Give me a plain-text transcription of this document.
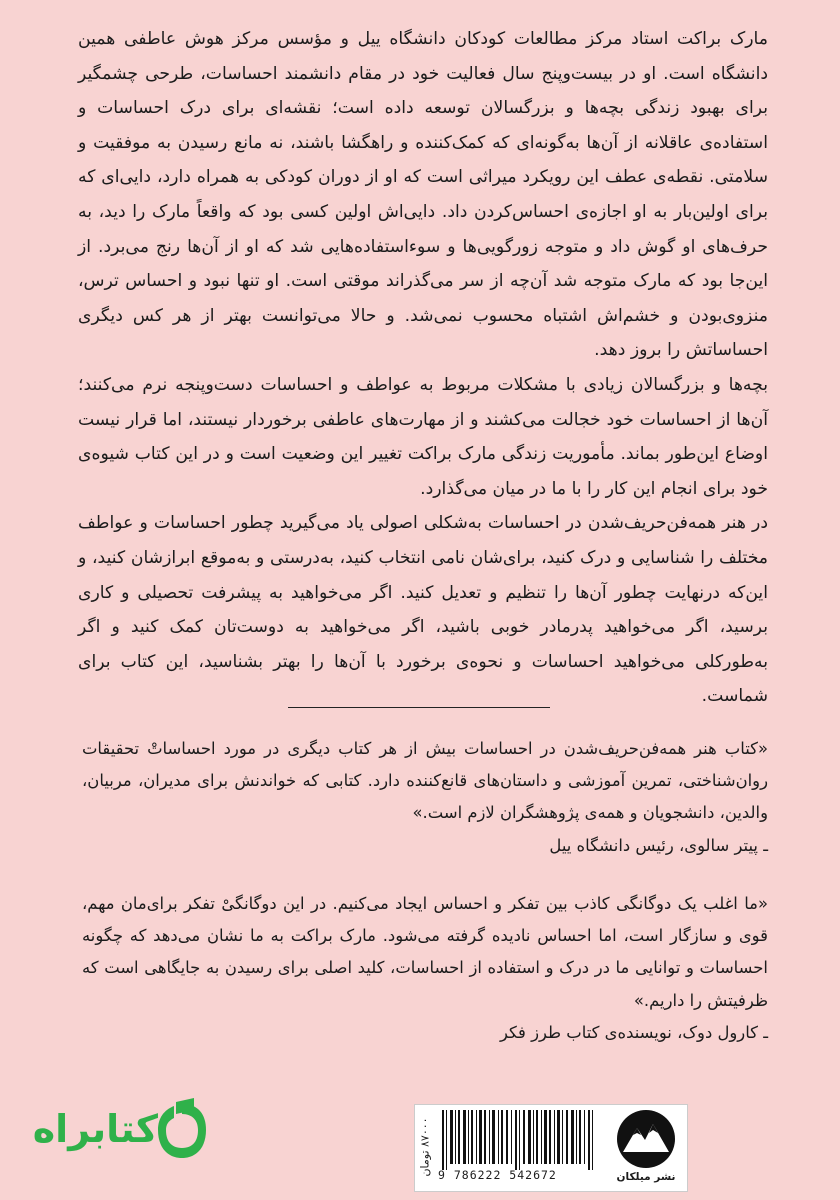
مارک براکت استاد مرکز مطالعات کودکان دانشگاه ییل و مؤسس مرکز هوش عاطفی همین دانشگاه است. او در بیست‌وپنج سال فعالیت خود در مقام دانشمند احساسات، طرحی چشمگیر برای بهبود زندگی بچه‌ها و بزرگسالان توسعه داده است؛ نقشه‌ای برای درک احساسات و استفاده‌ی عاقلانه از آن‌ها به‌گونه‌ای که کمک‌کننده و راهگشا باشند، نه مانع رسیدن به موفقیت و سلامتی. نقطه‌ی عطف این رویکرد میراثی است که او از دوران کودکی به همراه دارد، دایی‌ای که برای اولین‌بار به او اجازه‌ی احساس‌کردن داد. دایی‌اش اولین کسی بود که واقعاً مارک را دید، به حرف‌های او گوش داد و متوجه زورگویی‌ها و سوءاستفاده‌هایی شد که او از آن‌ها رنج می‌برد. از این‌جا بود که مارک متوجه شد آن‌چه از سر می‌گذراند موقتی است. او تنها نبود و احساس ترس، منزوی‌بودن و خشم‌اش اشتباه محسوب نمی‌شد. و حالا می‌توانست بهتر از هر کس دیگری احساساتش را بروز دهد.

بچه‌ها و بزرگسالان زیادی با مشکلات مربوط به عواطف و احساسات دست‌وپنجه نرم می‌کنند؛ آن‌ها از احساسات خود خجالت می‌کشند و از مهارت‌های عاطفی برخوردار نیستند، اما قرار نیست اوضاع این‌طور بماند. مأموریت زندگی مارک براکت تغییر این وضعیت است و در این کتاب شیوه‌ی خود برای انجام این کار را با ما در میان می‌گذارد.

در هنر همه‌فن‌حریف‌شدن در احساسات به‌شکلی اصولی یاد می‌گیرید چطور احساسات و عواطف مختلف را شناسایی و درک کنید، برای‌شان نامی انتخاب کنید، به‌درستی و به‌موقع ابرازشان کنید، و این‌که در‌نهایت چطور آن‌ها را تنظیم و تعدیل کنید. اگر می‌خواهید به پیشرفت تحصیلی و کاری برسید، اگر می‌خواهید پدرمادر خوبی باشید، اگر می‌خواهید به دوست‌تان کمک کنید و اگر به‌طورکلی می‌خواهید احساسات و نحوه‌ی برخورد با آن‌ها را بهتر بشناسید، این کتاب برای شماست.

«کتاب هنر همه‌فن‌حریف‌شدن در احساسات بیش از هر کتاب دیگری در مورد احساساتْ تحقیقات روان‌شناختی، تمرین آموزشی و داستان‌های قانع‌کننده دارد. کتابی که خواندنش برای مدیران، مربیان، والدین، دانشجویان و همه‌ی پژوهشگران لازم است.»

ـ پیتر سالوی، رئیس دانشگاه ییل

«ما اغلب یک دوگانگی کاذب بین تفکر و احساس ایجاد می‌کنیم. در این دوگانگیْ تفکر برای‌مان مهم، قوی و سازگار است، اما احساس نادیده گرفته می‌شود. مارک براکت به ما نشان می‌دهد که چگونه احساسات و توانایی ما در درک و استفاده از احساسات، کلید اصلی برای رسیدن به جایگاهی است که ظرفیتش را داریم.»

ـ کارول دوک، نویسنده‌ی کتاب طرز فکر

کتابراه
۸۷۰۰۰ تومان
9 786222 542672	نشر میلکان
